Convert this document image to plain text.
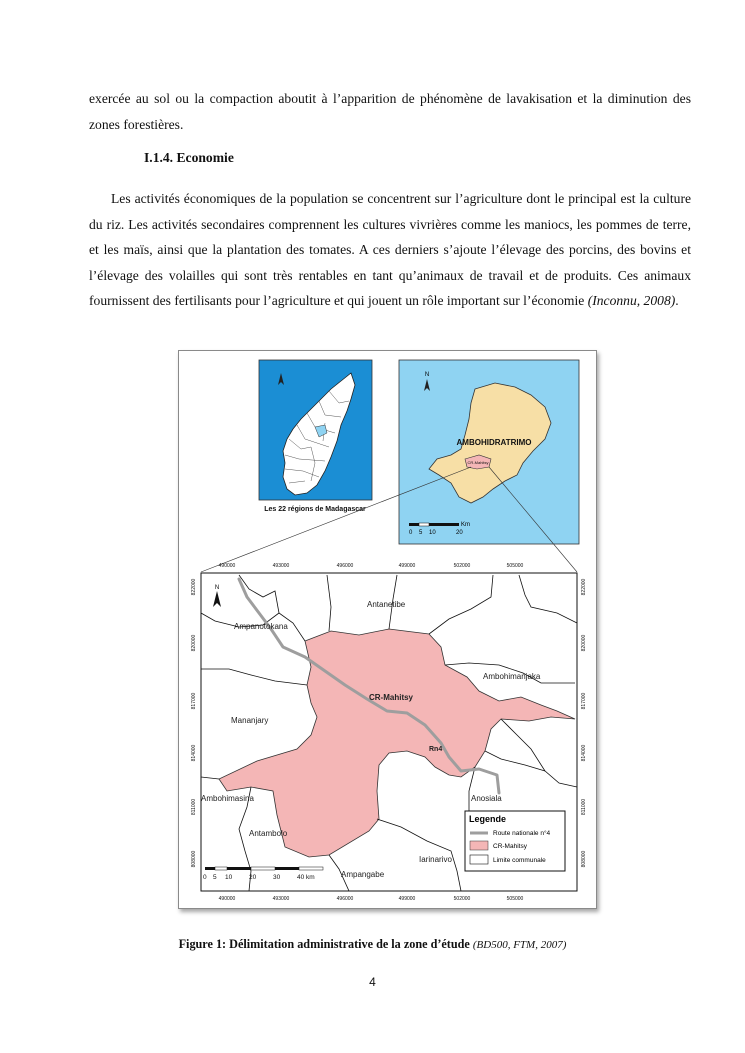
exercée au sol ou la compaction aboutit à l’apparition de phénomène de lavakisation et la diminution des zones forestières.

I.1.4. Economie

Les activités économiques de la population se concentrent sur l’agriculture dont le principal est la culture du riz. Les activités secondaires comprennent les cultures vivrières comme les maniocs, les pommes de terre, et les maïs, ainsi que la plantation des tomates. A ces derniers s’ajoute l’élevage des porcins, des bovins et l’élevage des volailles qui sont très rentables en tant qu’animaux de travail et de produits. Ces animaux fournissent des fertilisants pour l’agriculture et qui jouent un rôle important sur l’économie (Inconnu, 2008).

Les 22 régions de Madagascar
N
AMBOHIDRATRIMO
CR-Mahitsy
0 5 10	20
Km
490000	493000	496000	499000	502000	505000
490000	493000	496000	499000	502000	505000
822000
820000
817000
814000
811000
808000
822000
820000
817000
814000
811000
808000
N
Antanetibe
Ampanotokana
Ambohimanjaka
CR-Mahitsy
Mananjary
Rn4
Ambohimasina	Anosiala
Antambolo
Iarinarivo
Ampangabe
0 5 10	20	30	40 km
Legende
Route nationale n°4
CR-Mahitsy
Limite communale

Figure 1: Délimitation administrative de la zone d’étude (BD500, FTM, 2007)

4
